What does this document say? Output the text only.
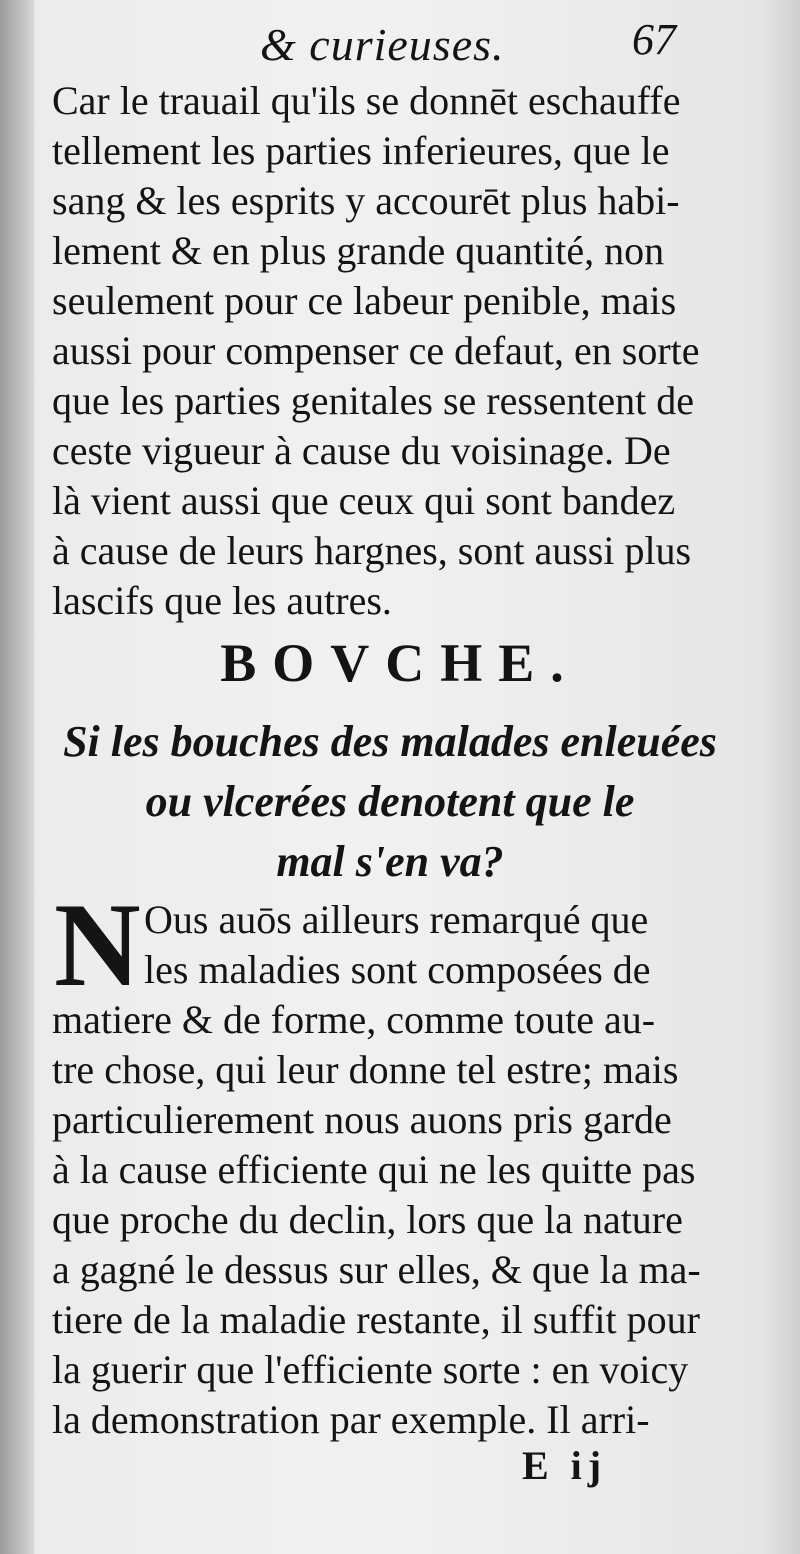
& curieuses.	67
Car le trauail qu'ils se donnēt eschauffe
tellement les parties inferieures, que le
sang & les esprits y accourēt plus habi-
lement & en plus grande quantité, non
seulement pour ce labeur penible, mais
aussi pour compenser ce defaut, en sorte
que les parties genitales se ressentent de
ceste vigueur à cause du voisinage. De
là vient aussi que ceux qui sont bandez
à cause de leurs hargnes, sont aussi plus
lascifs que les autres.
BOVCHE.
Si les bouches des malades enleuées
ou vlcerées denotent que le
mal s'en va?
N Ous auōs ailleurs remarqué que
les maladies sont composées de
matiere & de forme, comme toute au-
tre chose, qui leur donne tel estre; mais
particulierement nous auons pris garde
à la cause efficiente qui ne les quitte pas
que proche du declin, lors que la nature
a gagné le dessus sur elles, & que la ma-
tiere de la maladie restante, il suffit pour
la guerir que l'efficiente sorte : en voicy
la demonstration par exemple. Il arri-
E ij
